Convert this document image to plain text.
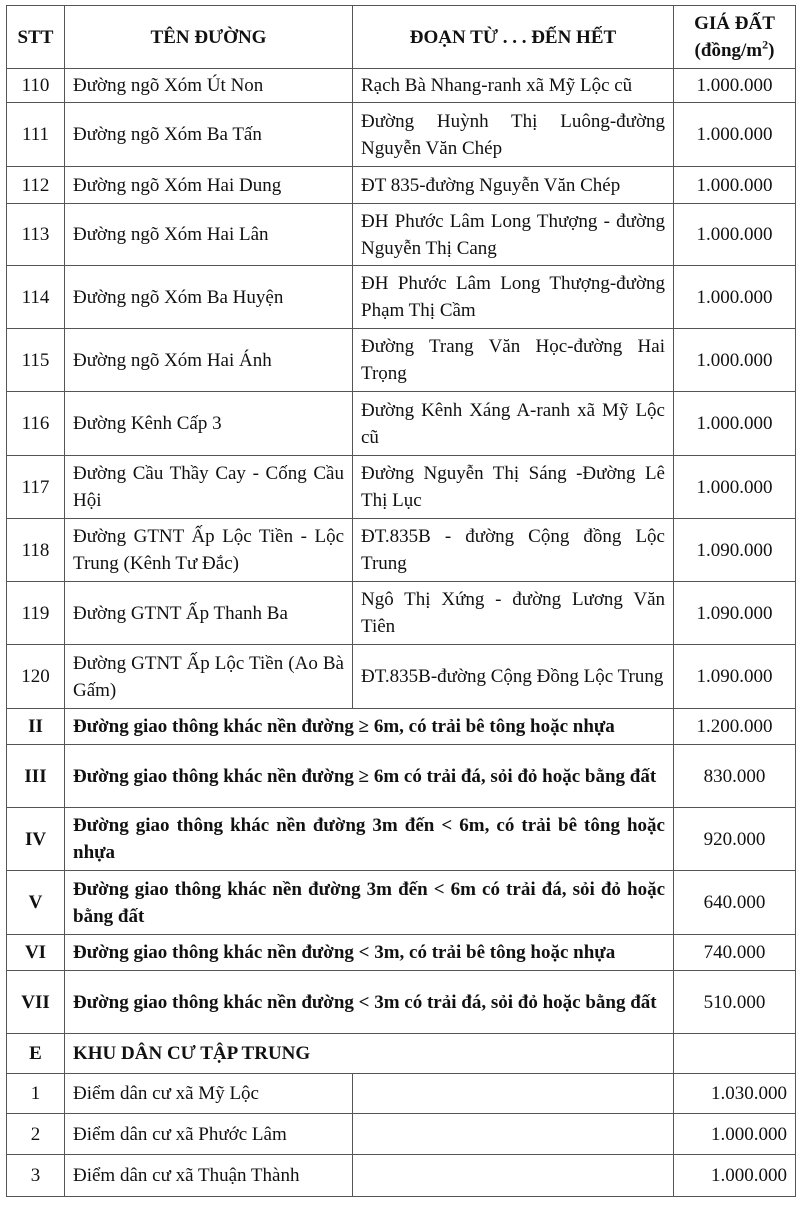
STT	TÊN ĐƯỜNG	ĐOẠN TỪ . . . ĐẾN HẾT	GIÁ ĐẤT
$(đồng/m^2)$

110	Đường ngõ Xóm Út Non	Rạch Bà Nhang-ranh xã Mỹ Lộc cũ	1.000.000
111	Đường ngõ Xóm Ba Tấn	Đường Huỳnh Thị Luông-đường Nguyễn Văn Chép	1.000.000
112	Đường ngõ Xóm Hai Dung	ĐT 835-đường Nguyễn Văn Chép	1.000.000
113	Đường ngõ Xóm Hai Lân	ĐH Phước Lâm Long Thượng - đường Nguyễn Thị Cang	1.000.000
114	Đường ngõ Xóm Ba Huyện	ĐH Phước Lâm Long Thượng-đường Phạm Thị Cầm	1.000.000
115	Đường ngõ Xóm Hai Ánh	Đường Trang Văn Học-đường Hai Trọng	1.000.000
116	Đường Kênh Cấp 3	Đường Kênh Xáng A-ranh xã Mỹ Lộc cũ	1.000.000
117	Đường Cầu Thầy Cay - Cống Cầu Hội	Đường Nguyễn Thị Sáng -Đường Lê Thị Lục	1.000.000
118	Đường GTNT Ấp Lộc Tiền - Lộc Trung (Kênh Tư Đắc)	ĐT.835B - đường Cộng đồng Lộc Trung	1.090.000
119	Đường GTNT Ấp Thanh Ba	Ngô Thị Xứng - đường Lương Văn Tiên	1.090.000
120	Đường GTNT Ấp Lộc Tiền (Ao Bà Gấm)	ĐT.835B-đường Cộng Đồng Lộc Trung	1.090.000
II	Đường giao thông khác nền đường ≥ 6m, có trải bê tông hoặc nhựa		1.200.000
III	Đường giao thông khác nền đường ≥ 6m có trải đá, sỏi đỏ hoặc bằng đất		830.000
IV	Đường giao thông khác nền đường 3m đến < 6m, có trải bê tông hoặc nhựa		920.000
V	Đường giao thông khác nền đường 3m đến < 6m có trải đá, sỏi đỏ hoặc bằng đất		640.000
VI	Đường giao thông khác nền đường < 3m, có trải bê tông hoặc nhựa		740.000
VII	Đường giao thông khác nền đường < 3m có trải đá, sỏi đỏ hoặc bằng đất		510.000
E	KHU DÂN CƯ TẬP TRUNG		
1	Điểm dân cư xã Mỹ Lộc		1.030.000
2	Điểm dân cư xã Phước Lâm		1.000.000
3	Điểm dân cư xã Thuận Thành		1.000.000
